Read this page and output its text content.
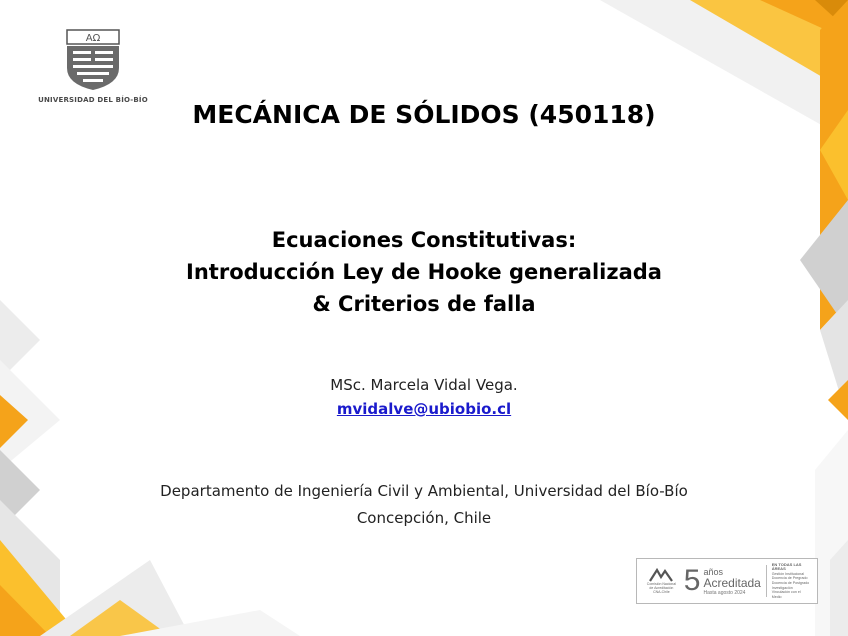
ΑΩ
UNIVERSIDAD DEL BÍO-BÍO	MECÁNICA DE SÓLIDOS (450118)
Ecuaciones Constitutivas:
Introducción Ley de Hooke generalizada
& Criterios de falla
MSc. Marcela Vidal Vega.
mvidalve@ubiobio.cl
Departamento de Ingeniería Civil y Ambiental, Universidad del Bío-Bío
Concepción, Chile
Comisión Nacional
de Acreditación
CNA-Chile 5 años
Acreditada
Hasta agosto 2024
EN TODAS LAS ÁREAS
Gestión Institucional
Docencia de Pregrado
Docencia de Postgrado
Investigación
Vinculación con el Medio
